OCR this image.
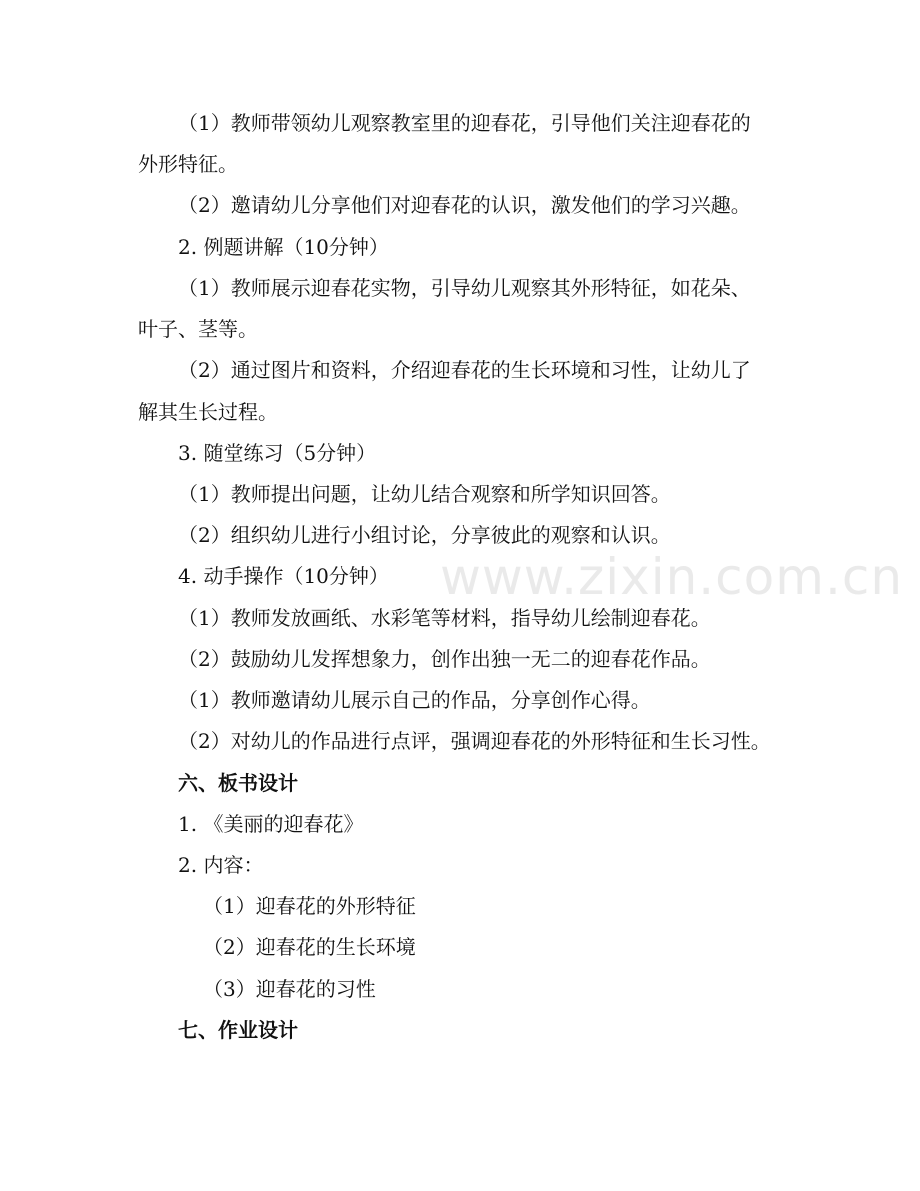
（1）教师带领幼儿观察教室里的迎春花，引导他们关注迎春花的
外形特征。
（2）邀请幼儿分享他们对迎春花的认识，激发他们的学习兴趣。
2. 例题讲解（10分钟）
（1）教师展示迎春花实物，引导幼儿观察其外形特征，如花朵、
叶子、茎等。
（2）通过图片和资料，介绍迎春花的生长环境和习性，让幼儿了
解其生长过程。
3. 随堂练习（5分钟）
（1）教师提出问题，让幼儿结合观察和所学知识回答。
（2）组织幼儿进行小组讨论，分享彼此的观察和认识。
4. 动手操作（10分钟）
（1）教师发放画纸、水彩笔等材料，指导幼儿绘制迎春花。
（2）鼓励幼儿发挥想象力，创作出独一无二的迎春花作品。
（1）教师邀请幼儿展示自己的作品，分享创作心得。
（2）对幼儿的作品进行点评，强调迎春花的外形特征和生长习性。
六、板书设计
1. 《美丽的迎春花》
2. 内容：
（1）迎春花的外形特征
（2）迎春花的生长环境
（3）迎春花的习性
七、作业设计
www.zixin.com.cn
